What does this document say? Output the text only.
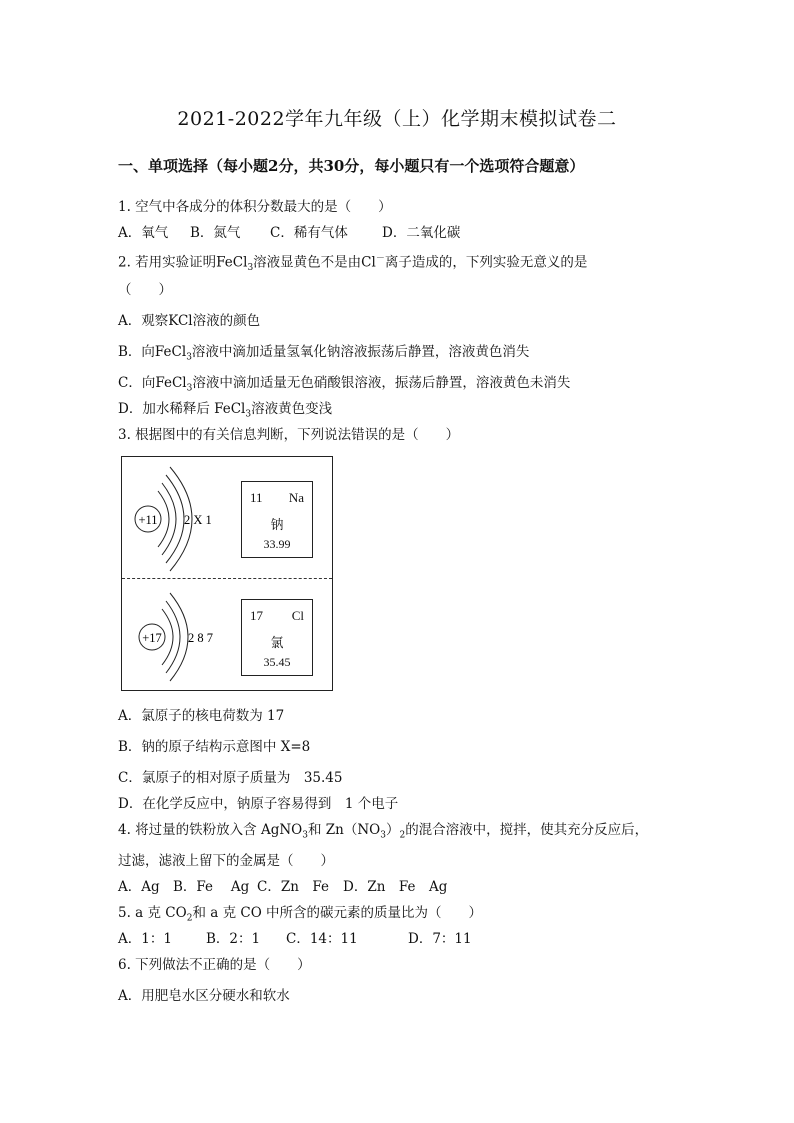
2021-2022学年九年级（上）化学期末模拟试卷二
一、单项选择（每小题2分，共30分，每小题只有一个选项符合题意）
1. 空气中各成分的体积分数最大的是（　　）
A．氧气	B．氮气	C．稀有气体	D．二氧化碳
2. 若用实验证明FeCl$_3$溶液显黄色不是由Cl－离子造成的，下列实验无意义的是
（　　）
A．观察KCl溶液的颜色
B．向FeCl$_3$溶液中滴加适量氢氧化钠溶液振荡后静置，溶液黄色消失
C．向FeCl$_3$溶液中滴加适量无色硝酸银溶液，振荡后静置，溶液黄色未消失
D．加水稀释后 FeCl$_3$溶液黄色变浅
3. 根据图中的有关信息判断，下列说法错误的是（　　）
+11 2 X 1
+17 2 8 7
11 Na
钠
33.99
17 Cl
氯
35.45
A．氯原子的核电荷数为 17
B．钠的原子结构示意图中 X=8
C．氯原子的相对原子质量为　35.45
D．在化学反应中，钠原子容易得到　1 个电子
4. 将过量的铁粉放入含 AgNO$_3$和 $Zn(NO_3)_2$的混合溶液中，搅拌，使其充分反应后，
过滤，滤液上留下的金属是（　　）
A．Ag B．Fe　 Ag C．Zn　Fe	D．Zn　Fe　Ag
5. a 克 $CO_2$和 a 克 CO 中所含的碳元素的质量比为（　　）
A．1：1	B．2：1	C．14：11	D．7：11
6. 下列做法不正确的是（　　）
A．用肥皂水区分硬水和软水
